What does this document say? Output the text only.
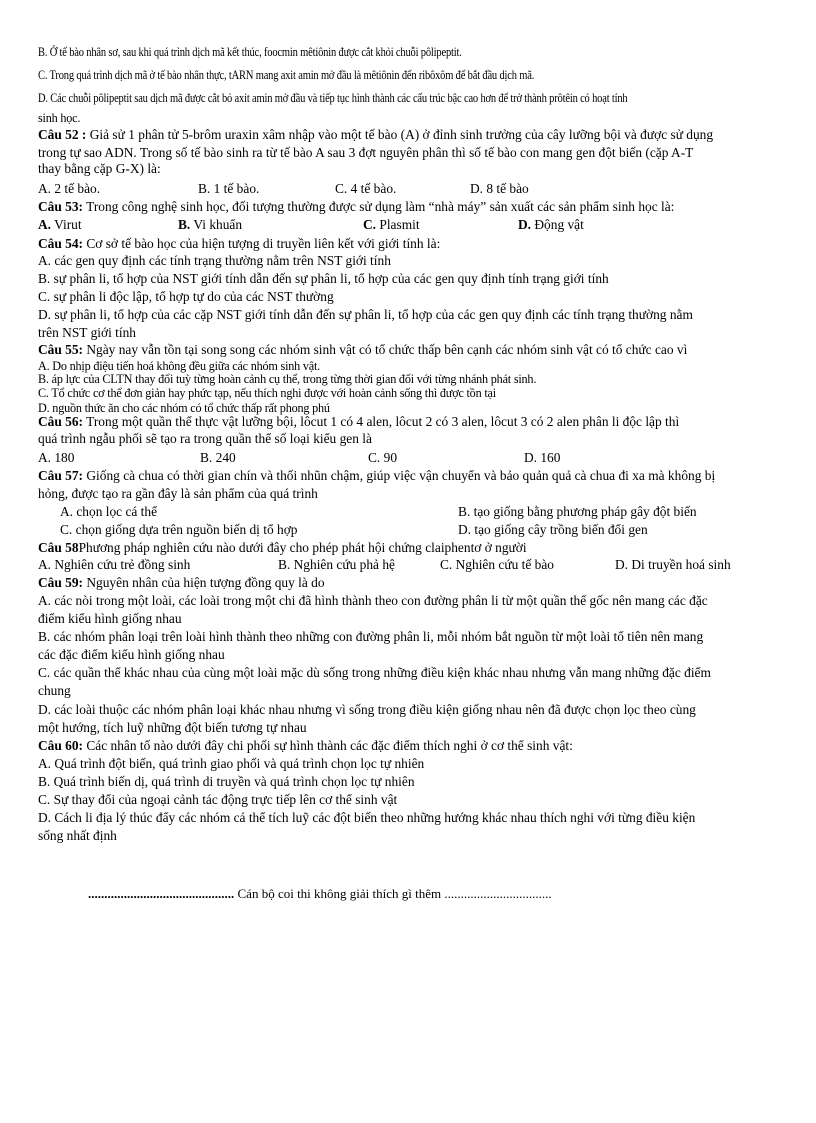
B. Ở tế bào nhân sơ, sau khi quá trình dịch mã kết thúc, foocmin mêtiônin được cắt khỏi chuỗi pôlipeptit.
C. Trong quá trình dịch mã ở tế bào nhân thực, tARN mang axit amin mở đầu là mêtiônin đến ribôxôm để bắt đầu dịch mã.
D. Các chuỗi pôlipeptit sau dịch mã được cắt bỏ axit amin mở đầu và tiếp tục hình thành các cấu trúc bậc cao hơn để trở thành prôtêin có hoạt tính
sinh học.
Câu 52 : Giả sử 1 phân tử 5-brôm uraxin xâm nhập vào một tế bào (A) ở đỉnh sinh trưởng của cây lưỡng bội và được sử dụng
trong tự sao ADN. Trong số tế bào sinh ra từ tế bào A sau 3 đợt nguyên phân thì số tế bào con mang gen đột biến (cặp A-T
thay bằng cặp G-X) là:
A. 2 tế bào.	B. 1 tế bào.	C. 4 tế bào.	D. 8 tế bào
Câu 53: Trong công nghệ sinh học, đối tượng thường được sử dụng làm “nhà máy” sản xuất các sản phẩm sinh học là:
A. Virut	B. Vi khuẩn	C. Plasmit	D. Động vật
Câu 54: Cơ sở tế bào học của hiện tượng di truyền liên kết với giới tính là:
A. các gen quy định các tính trạng thường nằm trên NST giới tính
B. sự phân li, tổ hợp của NST giới tính dẫn đến sự phân li, tổ hợp của các gen quy định tính trạng giới tính
C. sự phân li độc lập, tổ hợp tự do của các NST thường
D. sự phân li, tổ hợp của các cặp NST giới tính dẫn đến sự phân li, tổ hợp của các gen quy định các tính trạng thường nằm
trên NST giới tính
Câu 55: Ngày nay vẫn tồn tại song song các nhóm sinh vật có tổ chức thấp bên cạnh các nhóm sinh vật có tổ chức cao vì
A. Do nhịp điệu tiến hoá không đều giữa các nhóm sinh vật.
B. áp lực của CLTN thay đổi tuỳ từng hoàn cảnh cụ thể, trong từng thời gian đối với từng nhánh phát sinh.
C. Tổ chức cơ thể đơn giản hay phức tạp, nếu thích nghi được với hoàn cảnh sống thì được tồn tại
D. nguồn thức ăn cho các nhóm có tổ chức thấp rất phong phú
Câu 56: Trong một quần thể thực vật lưỡng bội, lôcut 1 có 4 alen, lôcut 2 có 3 alen, lôcut 3 có 2 alen phân li độc lập thì
quá trình ngẫu phối sẽ tạo ra trong quần thể số loại kiểu gen là
A. 180	B. 240	C. 90	D. 160
Câu 57: Giống cà chua có thời gian chín và thối nhũn chậm, giúp việc vận chuyển và bảo quản quả cà chua đi xa mà không bị
hỏng, được tạo ra gần đây là sản phẩm của quá trình
A. chọn lọc cá thể	B. tạo giống bằng phương pháp gây đột biến
C. chọn giống dựa trên nguồn biến dị tổ hợp	D. tạo giống cây trồng biến đổi gen
Câu 58Phương pháp nghiên cứu nào dưới đây cho phép phát hội chứng claiphentơ ở người
A. Nghiên cứu trẻ đồng sinh	B. Nghiên cứu phả hệ	C. Nghiên cứu tế bào	D. Di truyền hoá sinh
Câu 59: Nguyên nhân của hiện tượng đồng quy là do
A. các nòi trong một loài, các loài trong một chi đã hình thành theo con đường phân li từ một quần thể gốc nên mang các đặc
điểm kiểu hình giống nhau
B. các nhóm phân loại trên loài hình thành theo những con đường phân li, mỗi nhóm bắt nguồn từ một loài tổ tiên nên mang
các đặc điểm kiểu hình giống nhau
C. các quần thể khác nhau của cùng một loài mặc dù sống trong những điều kiện khác nhau nhưng vẫn mang những đặc điểm
chung
D. các loài thuộc các nhóm phân loại khác nhau nhưng vì sống trong điều kiện giống nhau nên đã được chọn lọc theo cùng
một hướng, tích luỹ những đột biến tương tự nhau
Câu 60: Các nhân tố nào dưới đây chi phối sự hình thành các đặc điểm thích nghi ở cơ thể sinh vật:
A. Quá trình đột biến, quá trình giao phối và quá trình chọn lọc tự nhiên
B. Quá trình biến dị, quá trình di truyền và quá trình chọn lọc tự nhiên
C. Sự thay đổi của ngoại cảnh tác động trực tiếp lên cơ thể sinh vật
D. Cách li địa lý thúc đẩy các nhóm cá thể tích luỹ các đột biến theo những hướng khác nhau thích nghi với từng điều kiện
sống nhất định
............................................. Cán bộ coi thi không giải thích gì thêm .................................
